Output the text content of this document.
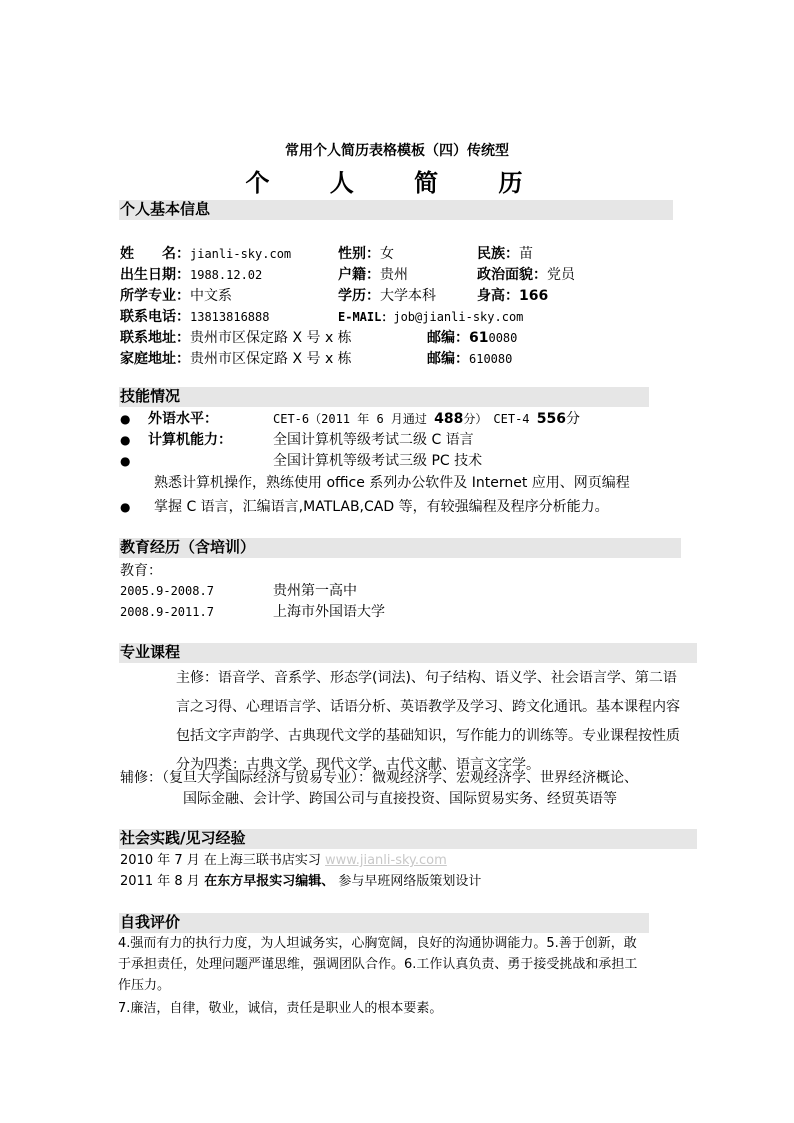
常用个人简历表格模板（四）传统型
个 人 简 历
个人基本信息
姓　　名：jianli-sky.com	性别：女	民族：苗
出生日期：1988.12.02	户籍：贵州	政治面貌：党员
所学专业：中文系	学历：大学本科	身高：166
联系电话：13813816888	E-MAIL：job@jianli-sky.com
联系地址：贵州市区保定路 X 号 x 栋	邮编：610080
家庭地址：贵州市区保定路 X 号 x 栋	邮编：610080
技能情况
● 外语水平：	CET-6（2011 年 6 月通过 488分）　CET-4 556分
● 计算机能力：	全国计算机等级考试二级 C 语言
●	全国计算机等级考试三级 PC 技术
熟悉计算机操作，熟练使用 office 系列办公软件及 Internet 应用、网页编程
● 掌握 C 语言，汇编语言,MATLAB,CAD 等，有较强编程及程序分析能力。
教育经历（含培训）
教育：
2005.9-2008.7	贵州第一高中
2008.9-2011.7	上海市外国语大学
专业课程
主修：语音学、音系学、形态学(词法)、句子结构、语义学、社会语言学、第二语
言之习得、心理语言学、话语分析、英语教学及学习、跨文化通讯。基本课程内容
包括文字声韵学、古典现代文学的基础知识，写作能力的训练等。专业课程按性质
分为四类：古典文学、现代文学、古代文献、语言文字学。
辅修：（复旦大学国际经济与贸易专业）：微观经济学、宏观经济学、世界经济概论、
国际金融、会计学、跨国公司与直接投资、国际贸易实务、经贸英语等
社会实践/见习经验
2010 年 7 月 在上海三联书店实习 www.jianli-sky.com
2011 年 8 月 在东方早报实习编辑、 参与早班网络版策划设计
自我评价
4.强而有力的执行力度，为人坦诚务实，心胸宽阔，良好的沟通协调能力。5.善于创新，敢
于承担责任，处理问题严谨思维，强调团队合作。6.工作认真负责、勇于接受挑战和承担工
作压力。
7.廉洁，自律，敬业，诚信，责任是职业人的根本要素。
